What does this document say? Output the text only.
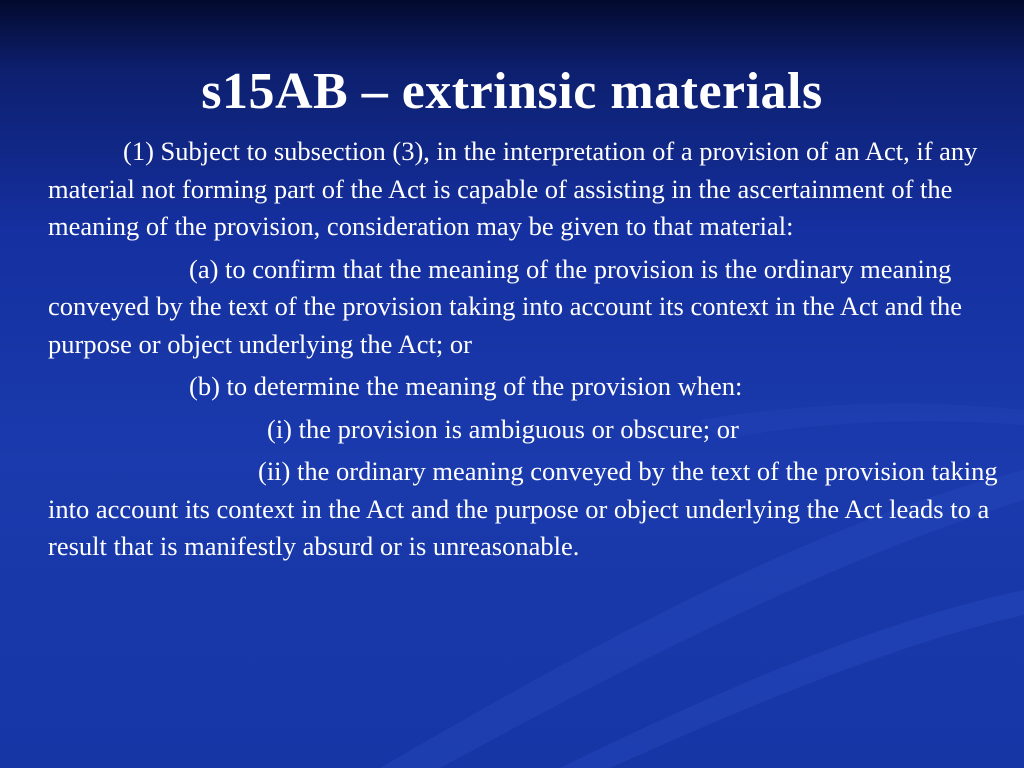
s15AB – extrinsic materials

(1) Subject to subsection (3), in the interpretation of a provision of an Act, if any material not forming part of the Act is capable of assisting in the ascertainment of the meaning of the provision, consideration may be given to that material:

(a) to confirm that the meaning of the provision is the ordinary meaning conveyed by the text of the provision taking into account its context in the Act and the purpose or object underlying the Act; or

(b) to determine the meaning of the provision when:

(i) the provision is ambiguous or obscure; or

(ii) the ordinary meaning conveyed by the text of the provision taking into account its context in the Act and the purpose or object underlying the Act leads to a result that is manifestly absurd or is unreasonable.
